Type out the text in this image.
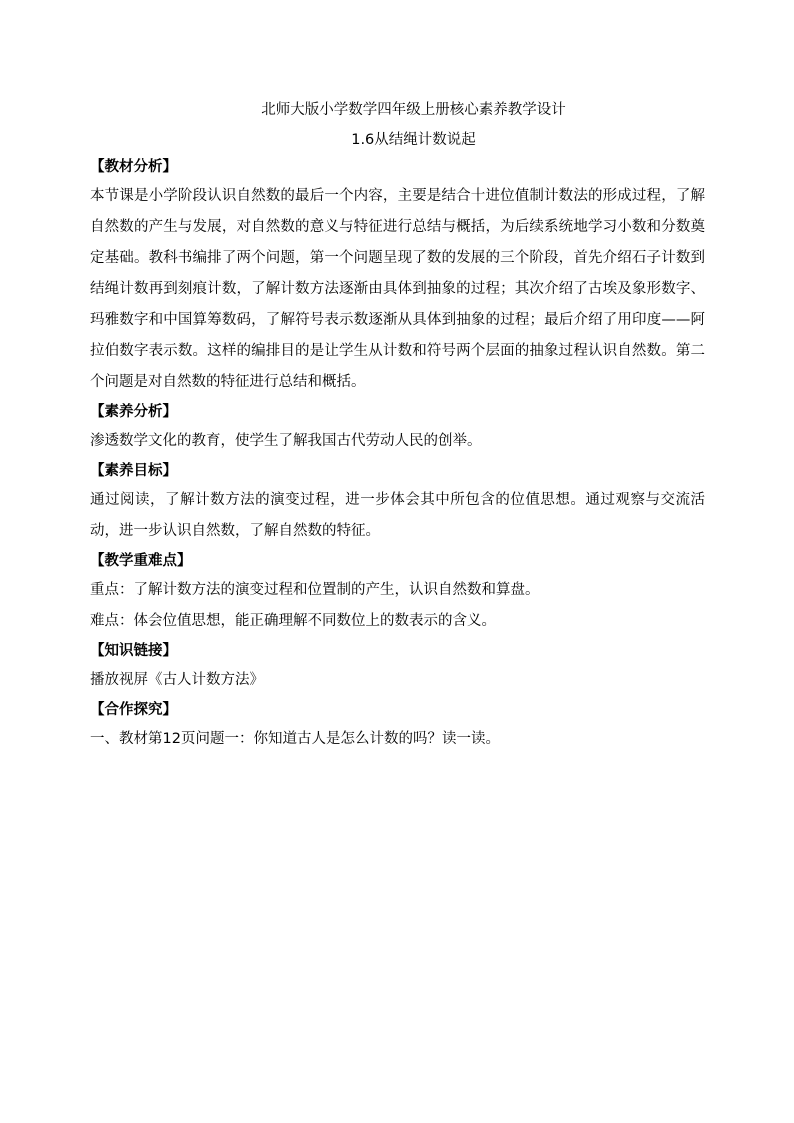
北师大版小学数学四年级上册核心素养教学设计

1.6从结绳计数说起

【教材分析】

本节课是小学阶段认识自然数的最后一个内容，主要是结合十进位值制计数法的形成过程，了解自然数的产生与发展，对自然数的意义与特征进行总结与概括，为后续系统地学习小数和分数奠定基础。教科书编排了两个问题，第一个问题呈现了数的发展的三个阶段，首先介绍石子计数到结绳计数再到刻痕计数，了解计数方法逐渐由具体到抽象的过程；其次介绍了古埃及象形数字、玛雅数字和中国算筹数码，了解符号表示数逐渐从具体到抽象的过程；最后介绍了用印度——阿拉伯数字表示数。这样的编排目的是让学生从计数和符号两个层面的抽象过程认识自然数。第二个问题是对自然数的特征进行总结和概括。

【素养分析】

渗透数学文化的教育，使学生了解我国古代劳动人民的创举。

【素养目标】

通过阅读，了解计数方法的演变过程，进一步体会其中所包含的位值思想。通过观察与交流活动，进一步认识自然数，了解自然数的特征。

【教学重难点】

重点：了解计数方法的演变过程和位置制的产生，认识自然数和算盘。

难点：体会位值思想，能正确理解不同数位上的数表示的含义。

【知识链接】

播放视屏《古人计数方法》

【合作探究】

一、教材第12页问题一：你知道古人是怎么计数的吗？读一读。
